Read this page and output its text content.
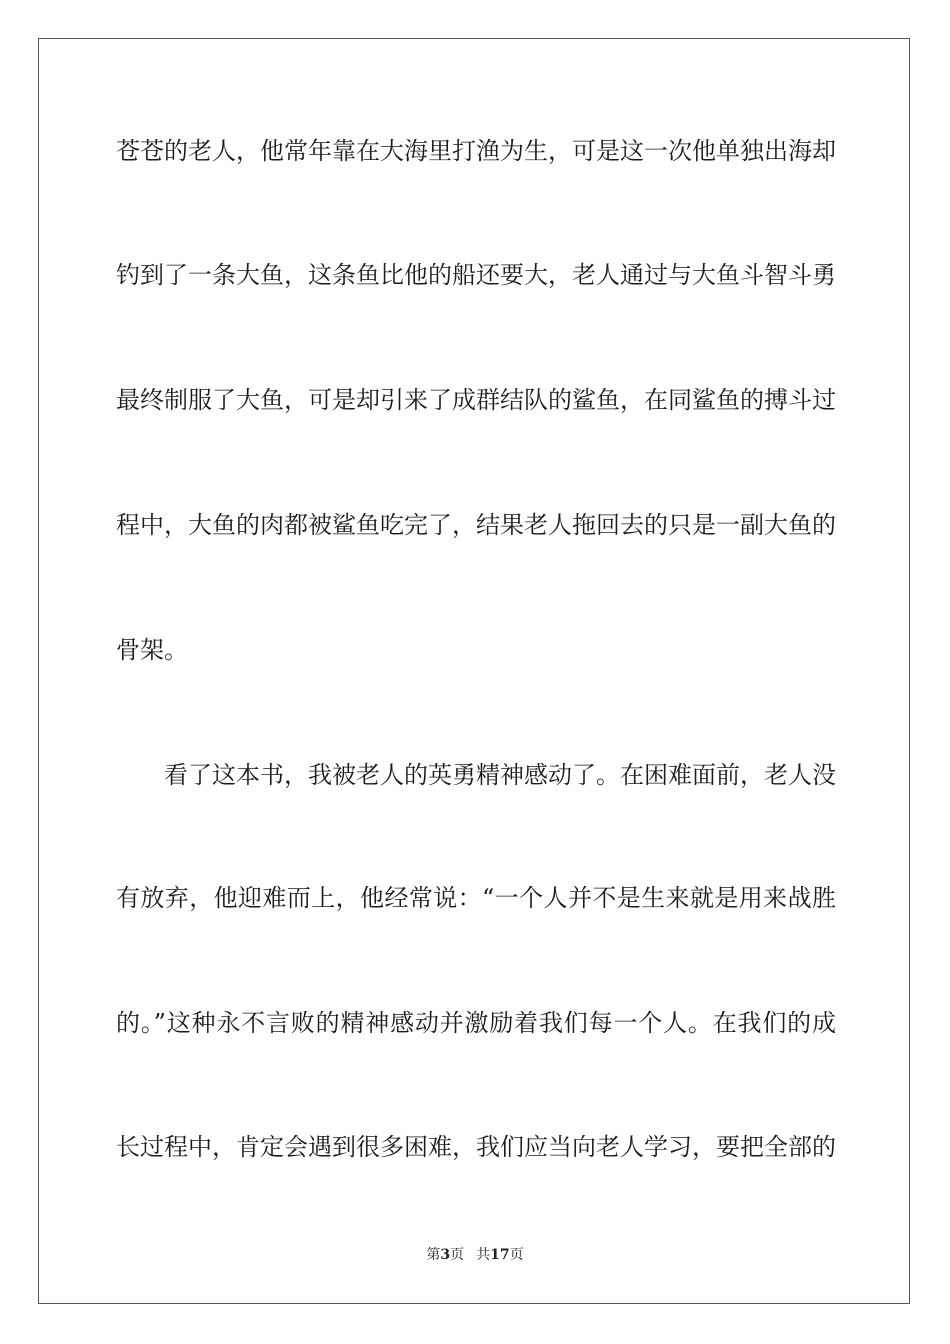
苍苍的老人，他常年靠在大海里打渔为生，可是这一次他单独出海却
钓到了一条大鱼，这条鱼比他的船还要大，老人通过与大鱼斗智斗勇
最终制服了大鱼，可是却引来了成群结队的鲨鱼，在同鲨鱼的搏斗过
程中，大鱼的肉都被鲨鱼吃完了，结果老人拖回去的只是一副大鱼的
骨架。
看了这本书，我被老人的英勇精神感动了。在困难面前，老人没
有放弃，他迎难而上，他经常说：“一个人并不是生来就是用来战胜
的。”这种永不言败的精神感动并激励着我们每一个人。在我们的成
长过程中，肯定会遇到很多困难，我们应当向老人学习，要把全部的
第3页 共17页
